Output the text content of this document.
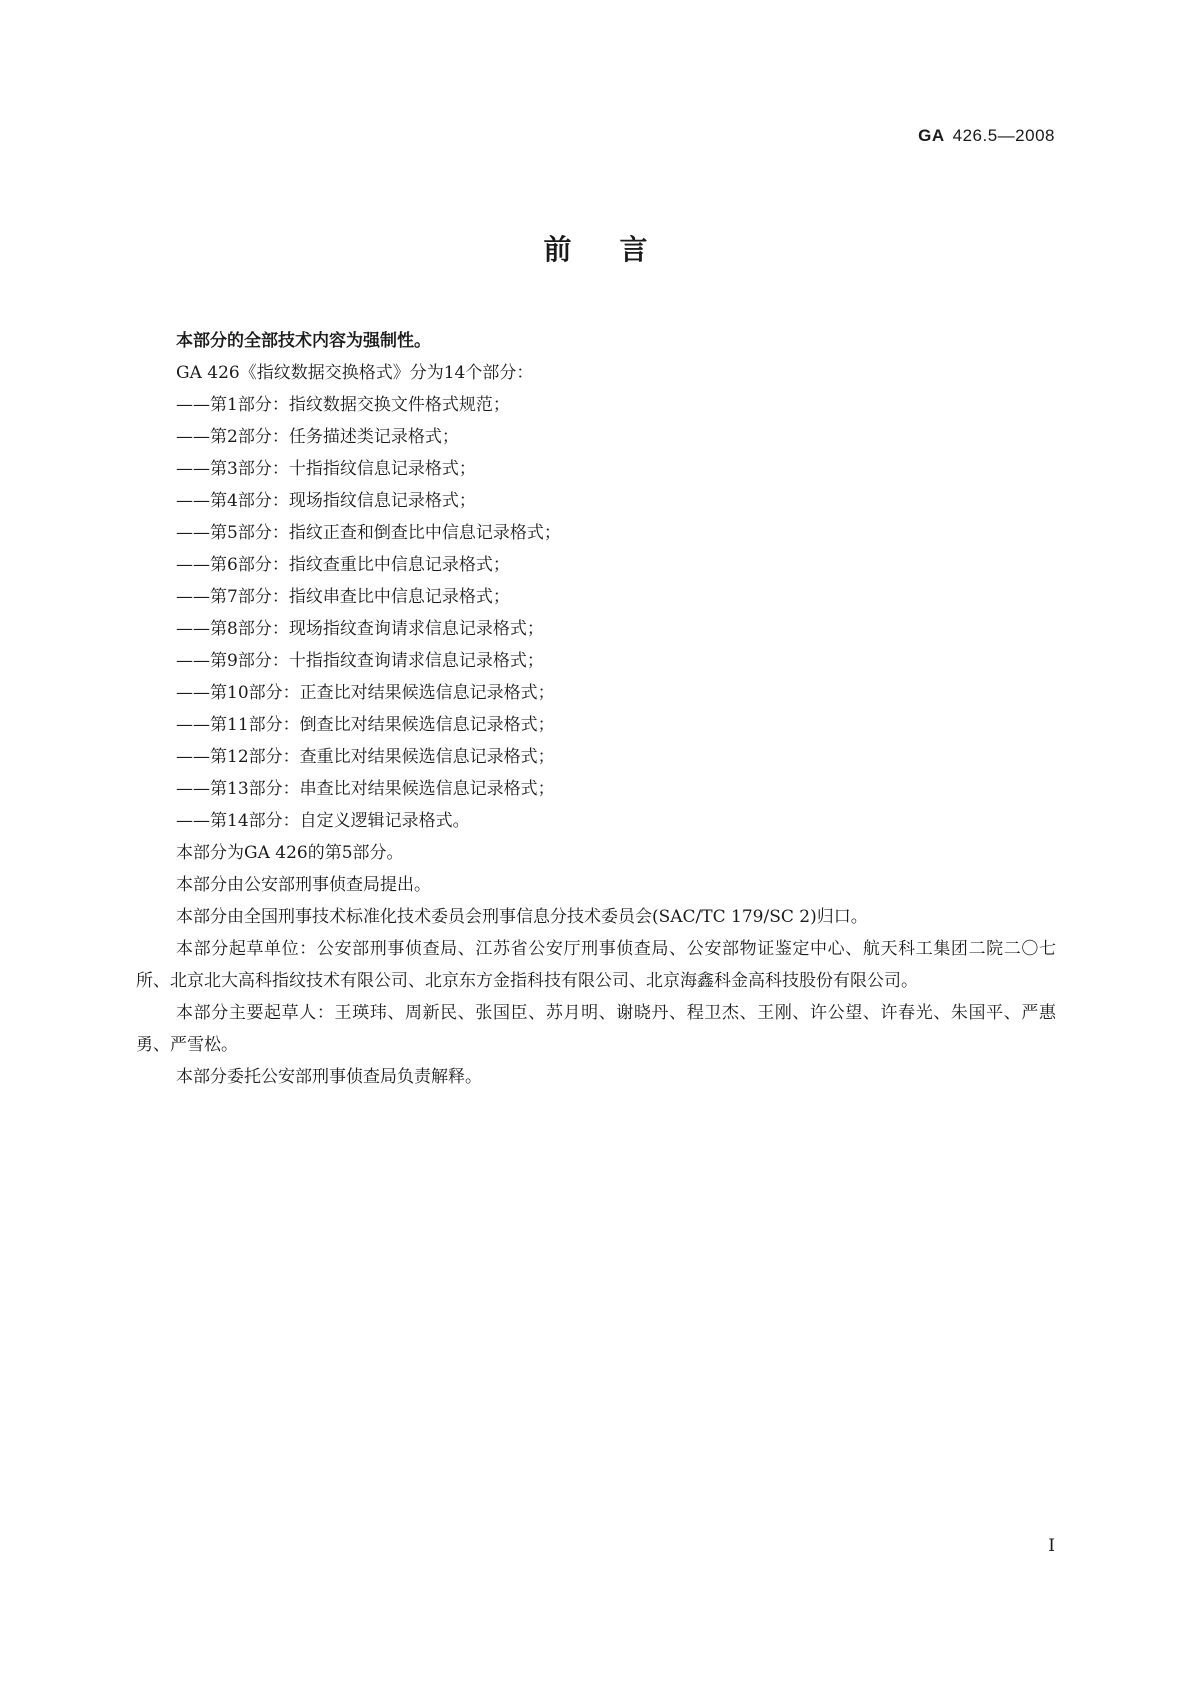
GA 426.5—2008
前言

本部分的全部技术内容为强制性。

GA 426《指纹数据交换格式》分为14个部分：

——第1部分：指纹数据交换文件格式规范；

——第2部分：任务描述类记录格式；

——第3部分：十指指纹信息记录格式；

——第4部分：现场指纹信息记录格式；

——第5部分：指纹正查和倒查比中信息记录格式；

——第6部分：指纹查重比中信息记录格式；

——第7部分：指纹串查比中信息记录格式；

——第8部分：现场指纹查询请求信息记录格式；

——第9部分：十指指纹查询请求信息记录格式；

——第10部分：正查比对结果候选信息记录格式；

——第11部分：倒查比对结果候选信息记录格式；

——第12部分：查重比对结果候选信息记录格式；

——第13部分：串查比对结果候选信息记录格式；

——第14部分：自定义逻辑记录格式。

本部分为GA 426的第5部分。

本部分由公安部刑事侦查局提出。

本部分由全国刑事技术标准化技术委员会刑事信息分技术委员会(SAC/TC 179/SC 2)归口。

本部分起草单位：公安部刑事侦查局、江苏省公安厅刑事侦查局、公安部物证鉴定中心、航天科工集团二院二〇七所、北京北大高科指纹技术有限公司、北京东方金指科技有限公司、北京海鑫科金高科技股份有限公司。

本部分主要起草人：王瑛玮、周新民、张国臣、苏月明、谢晓丹、程卫杰、王刚、许公望、许春光、朱国平、严惠勇、严雪松。

本部分委托公安部刑事侦查局负责解释。

I
